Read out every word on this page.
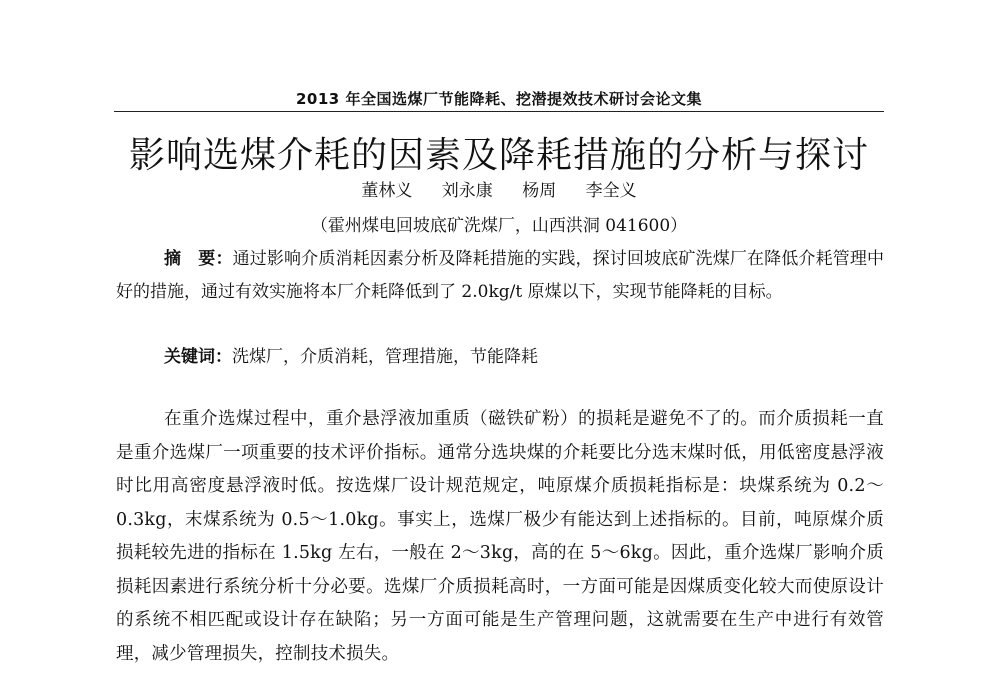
2013 年全国选煤厂节能降耗、挖潜提效技术研讨会论文集
影响选煤介耗的因素及降耗措施的分析与探讨
董林义 刘永康 杨周 李全义
（霍州煤电回坡底矿洗煤厂，山西洪洞 041600）
摘　要：通过影响介质消耗因素分析及降耗措施的实践，探讨回坡底矿洗煤厂在降低介耗管理中好的措施，通过有效实施将本厂介耗降低到了 2.0kg/t 原煤以下，实现节能降耗的目标。
关键词：洗煤厂，介质消耗，管理措施，节能降耗
在重介选煤过程中，重介悬浮液加重质（磁铁矿粉）的损耗是避免不了的。而介质损耗一直是重介选煤厂一项重要的技术评价指标。通常分选块煤的介耗要比分选末煤时低，用低密度悬浮液时比用高密度悬浮液时低。按选煤厂设计规范规定，吨原煤介质损耗指标是：块煤系统为 0.2～0.3kg，末煤系统为 0.5～1.0kg。事实上，选煤厂极少有能达到上述指标的。目前，吨原煤介质损耗较先进的指标在 1.5kg 左右，一般在 2～3kg，高的在 5～6kg。因此，重介选煤厂影响介质损耗因素进行系统分析十分必要。选煤厂介质损耗高时，一方面可能是因煤质变化较大而使原设计的系统不相匹配或设计存在缺陷；另一方面可能是生产管理问题，这就需要在生产中进行有效管理，减少管理损失，控制技术损失。
